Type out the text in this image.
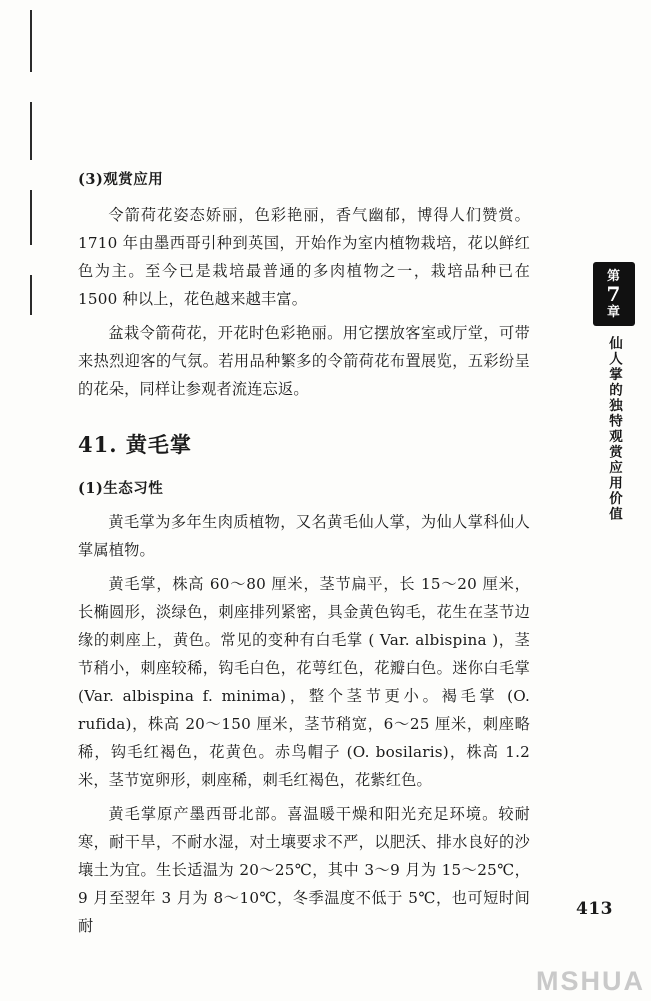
(3)观赏应用

令箭荷花姿态娇丽，色彩艳丽，香气幽郁，博得人们赞赏。1710 年由墨西哥引种到英国，开始作为室内植物栽培，花以鲜红色为主。至今已是栽培最普通的多肉植物之一，栽培品种已在 1500 种以上，花色越来越丰富。

盆栽令箭荷花，开花时色彩艳丽。用它摆放客室或厅堂，可带来热烈迎客的气氛。若用品种繁多的令箭荷花布置展览，五彩纷呈的花朵，同样让参观者流连忘返。

41. 黄毛掌
(1)生态习性

黄毛掌为多年生肉质植物，又名黄毛仙人掌，为仙人掌科仙人掌属植物。

黄毛掌，株高 60～80 厘米，茎节扁平，长 15～20 厘米，长椭圆形，淡绿色，刺座排列紧密，具金黄色钩毛，花生在茎节边缘的刺座上，黄色。常见的变种有白毛掌 ( Var. albispina )，茎节稍小，刺座较稀，钩毛白色，花萼红色，花瓣白色。迷你白毛掌 (Var. albispina f. minima)，整个茎节更小。褐毛掌 (O. rufida)，株高 20～150 厘米，茎节稍宽，6～25 厘米，刺座略稀，钩毛红褐色，花黄色。赤鸟帽子 (O. bosilaris)，株高 1.2 米，茎节宽卵形，刺座稀，刺毛红褐色，花紫红色。

黄毛掌原产墨西哥北部。喜温暖干燥和阳光充足环境。较耐寒，耐干旱，不耐水湿，对土壤要求不严，以肥沃、排水良好的沙壤土为宜。生长适温为 20～25℃，其中 3～9 月为 15～25℃，9 月至翌年 3 月为 8～10℃，冬季温度不低于 5℃，也可短时间耐

第
7
章
仙人掌的独特观赏应用价值
413
MSHUA
